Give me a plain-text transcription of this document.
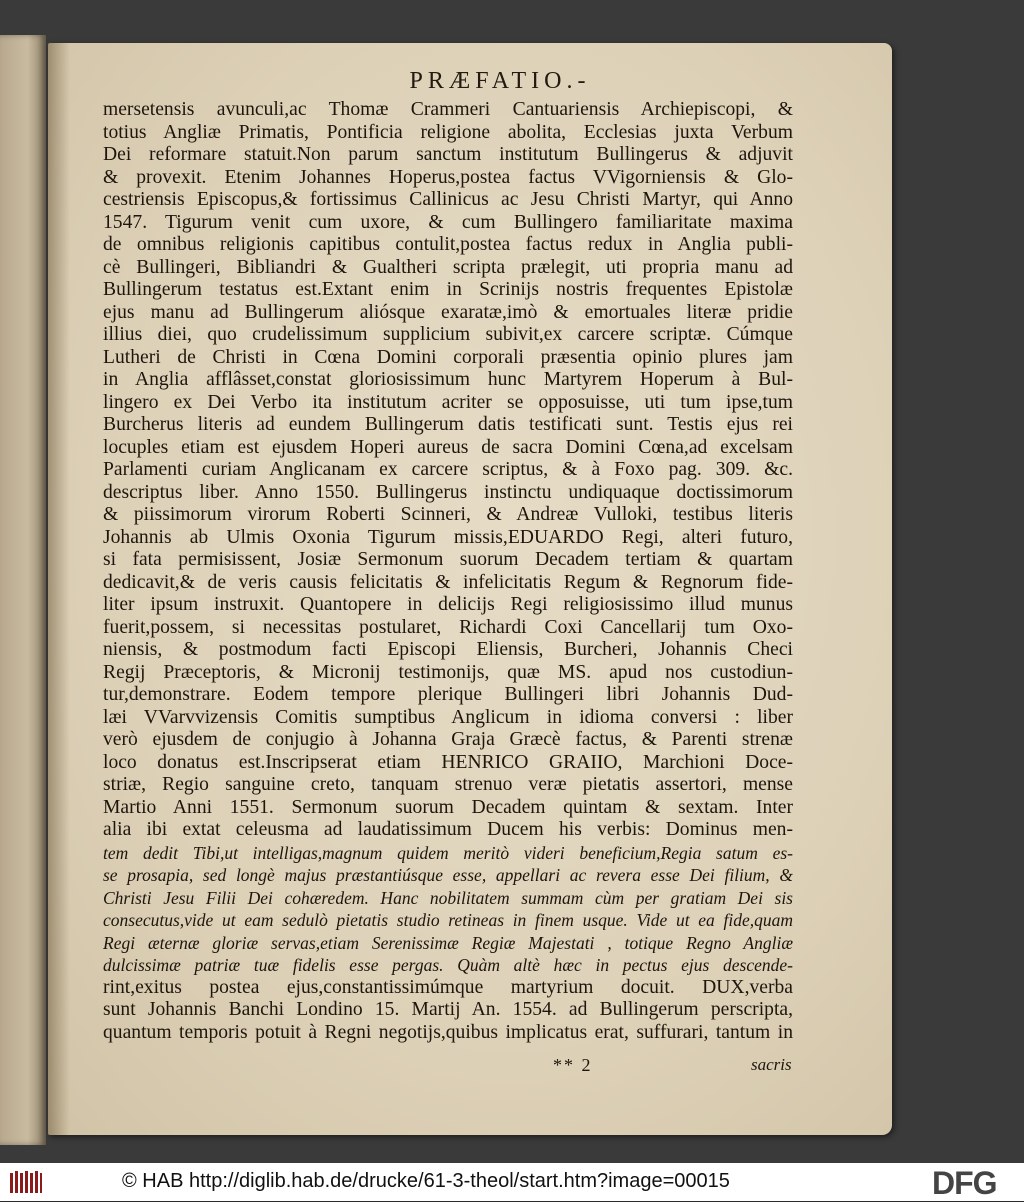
PRÆFATIO.-
mersetensis avunculi,ac Thomæ Crammeri Cantuariensis Archiepiscopi, &
totius Angliæ Primatis, Pontificia religione abolita, Ecclesias juxta Verbum
Dei reformare statuit.Non parum sanctum institutum Bullingerus & adjuvit
& provexit. Etenim Johannes Hoperus,postea factus VVigorniensis & Glo-
cestriensis Episcopus,& fortissimus Callinicus ac Jesu Christi Martyr, qui Anno
1547. Tigurum venit cum uxore, & cum Bullingero familiaritate maxima
de omnibus religionis capitibus contulit,postea factus redux in Anglia publi-
cè Bullingeri, Bibliandri & Gualtheri scripta prælegit, uti propria manu ad
Bullingerum testatus est.Extant enim in Scrinijs nostris frequentes Epistolæ
ejus manu ad Bullingerum aliósque exaratæ,imò & emortuales literæ pridie
illius diei, quo crudelissimum supplicium subivit,ex carcere scriptæ. Cúmque
Lutheri de Christi in Cœna Domini corporali præsentia opinio plures jam
in Anglia afflâsset,constat gloriosissimum hunc Martyrem Hoperum à Bul-
lingero ex Dei Verbo ita institutum acriter se opposuisse, uti tum ipse,tum
Burcherus literis ad eundem Bullingerum datis testificati sunt. Testis ejus rei
locuples etiam est ejusdem Hoperi aureus de sacra Domini Cœna,ad excelsam
Parlamenti curiam Anglicanam ex carcere scriptus, & à Foxo pag. 309. &c.
descriptus liber. Anno 1550. Bullingerus instinctu undiquaque doctissimorum
& piissimorum virorum Roberti Scinneri, & Andreæ Vulloki, testibus literis
Johannis ab Ulmis Oxonia Tigurum missis,EDUARDO Regi, alteri futuro,
si fata permisissent, Josiæ Sermonum suorum Decadem tertiam & quartam
dedicavit,& de veris causis felicitatis & infelicitatis Regum & Regnorum fide-
liter ipsum instruxit. Quantopere in delicijs Regi religiosissimo illud munus
fuerit,possem, si necessitas postularet, Richardi Coxi Cancellarij tum Oxo-
niensis, & postmodum facti Episcopi Eliensis, Burcheri, Johannis Checi
Regij Præceptoris, & Micronij testimonijs, quæ MS. apud nos custodiun-
tur,demonstrare. Eodem tempore plerique Bullingeri libri Johannis Dud-
læi VVarvvizensis Comitis sumptibus Anglicum in idioma conversi : liber
verò ejusdem de conjugio à Johanna Graja Græcè factus, & Parenti strenæ
loco donatus est.Inscripserat etiam HENRICO GRAIIO, Marchioni Doce-
striæ, Regio sanguine creto, tanquam strenuo veræ pietatis assertori, mense
Martio Anni 1551. Sermonum suorum Decadem quintam & sextam. Inter
alia ibi extat celeusma ad laudatissimum Ducem his verbis: Dominus men-
tem dedit Tibi,ut intelligas,magnum quidem meritò videri beneficium,Regia satum es-
se prosapia, sed longè majus præstantiúsque esse, appellari ac revera esse Dei filium, &
Christi Jesu Filii Dei cohæredem. Hanc nobilitatem summam cùm per gratiam Dei sis
consecutus,vide ut eam sedulò pietatis studio retineas in finem usque. Vide ut ea fide,quam
Regi æternæ gloriæ servas,etiam Serenissimæ Regiæ Majestati , totique Regno Angliæ
dulcissimæ patriæ tuæ fidelis esse pergas. Quàm altè hæc in pectus ejus descende-
rint,exitus postea ejus,constantissimúmque martyrium docuit. DUX,verba
sunt Johannis Banchi Londino 15. Martij An. 1554. ad Bullingerum perscripta,
quantum temporis potuit à Regni negotijs,quibus implicatus erat, suffurari, tantum in
** 2	sacris
© HAB http://diglib.hab.de/drucke/61-3-theol/start.htm?image=00015	DFG
